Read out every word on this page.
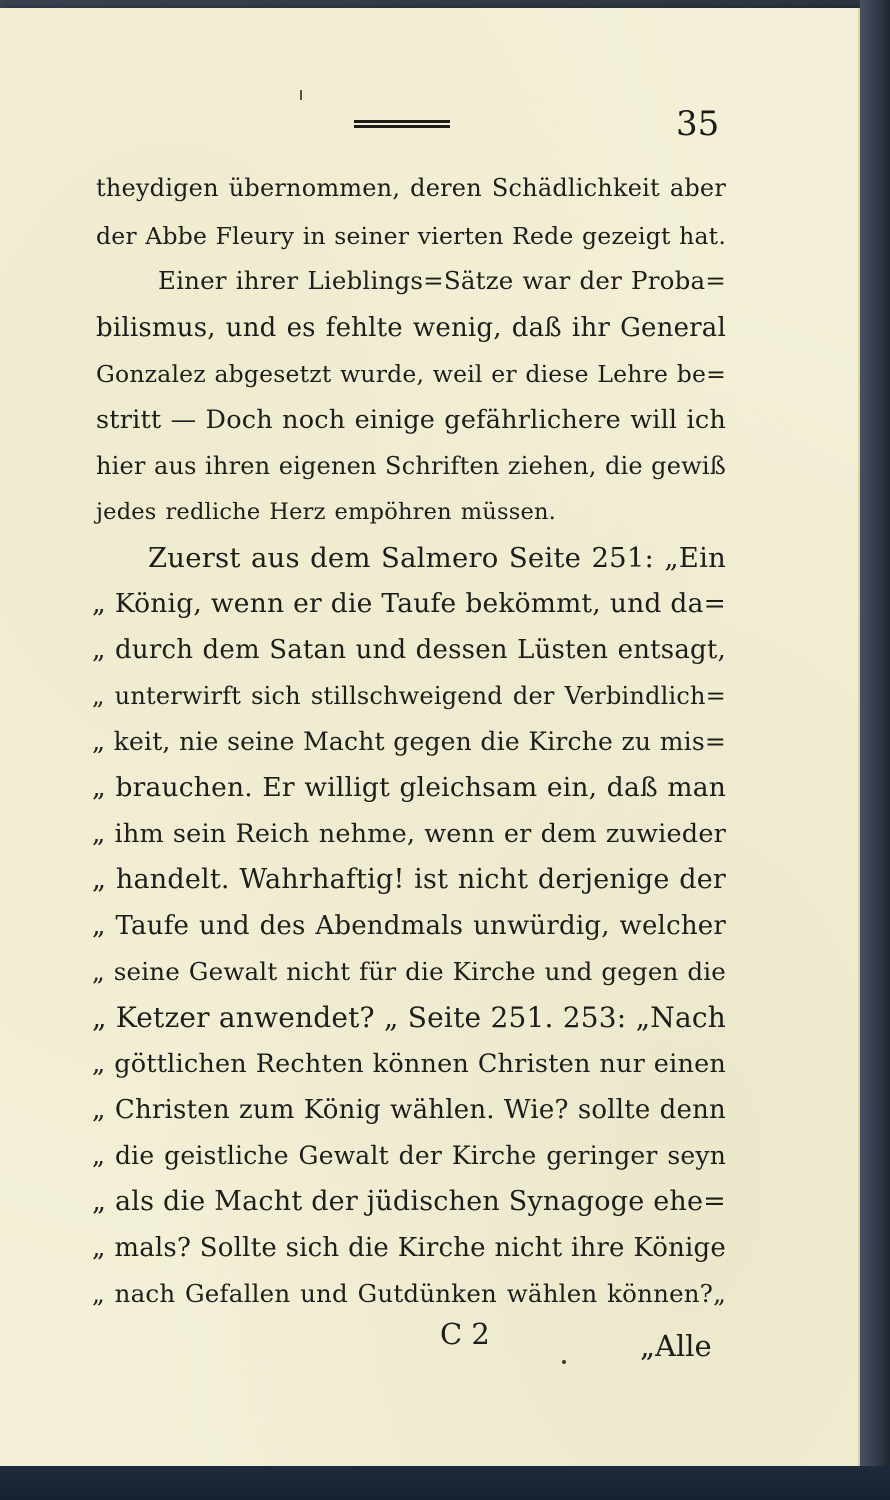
35
theydigen übernommen, deren Schädlichkeit aber
der Abbe Fleury in seiner vierten Rede gezeigt hat.
Einer ihrer Lieblings=Sätze war der Proba=
bilismus, und es fehlte wenig, daß ihr General
Gonzalez abgesetzt wurde, weil er diese Lehre be=
stritt — Doch noch einige gefährlichere will ich
hier aus ihren eigenen Schriften ziehen, die gewiß
jedes redliche Herz empöhren müssen.
Zuerst aus dem Salmero Seite 251: „Ein
„ König, wenn er die Taufe bekömmt, und da=
„ durch dem Satan und dessen Lüsten entsagt,
„ unterwirft sich stillschweigend der Verbindlich=
„ keit, nie seine Macht gegen die Kirche zu mis=
„ brauchen. Er willigt gleichsam ein, daß man
„ ihm sein Reich nehme, wenn er dem zuwieder
„ handelt. Wahrhaftig! ist nicht derjenige der
„ Taufe und des Abendmals unwürdig, welcher
„ seine Gewalt nicht für die Kirche und gegen die
„ Ketzer anwendet? „ Seite 251. 253: „Nach
„ göttlichen Rechten können Christen nur einen
„ Christen zum König wählen. Wie? sollte denn
„ die geistliche Gewalt der Kirche geringer seyn
„ als die Macht der jüdischen Synagoge ehe=
„ mals? Sollte sich die Kirche nicht ihre Könige
„ nach Gefallen und Gutdünken wählen können?„
C 2	„Alle
